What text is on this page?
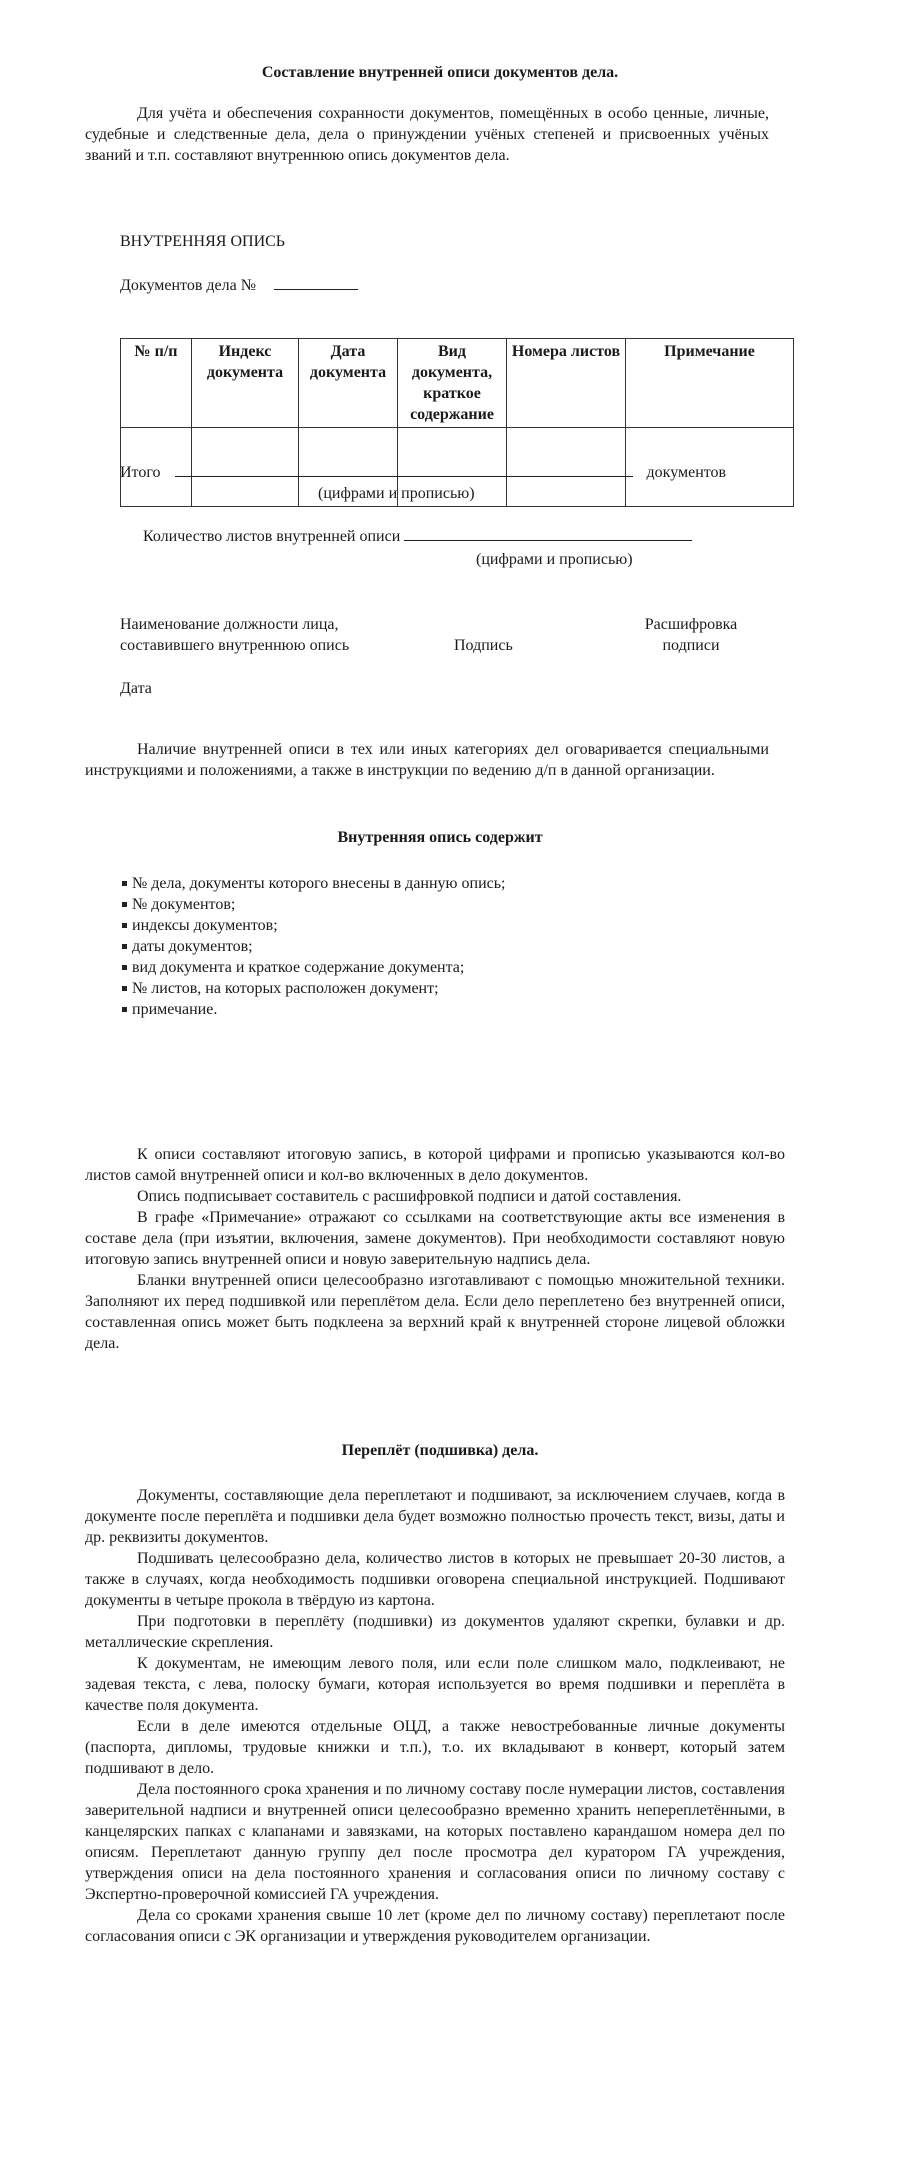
Составление внутренней описи документов дела.

Для учёта и обеспечения сохранности документов, помещённых в особо ценные, личные, судебные и следственные дела, дела о принуждении учёных степеней и присвоенных учёных званий и т.п. составляют внутреннюю опись документов дела.

ВНУТРЕННЯЯ ОПИСЬ
Документов дела №
№ п/п	Индекс документа	Дата документа	Вид документа, краткое содержание	Номера листов	Примечание

Итого	документов
(цифрами и прописью)
Количество листов внутренней описи
(цифрами и прописью)
Наименование должности лица,
составившего внутреннюю опись	Подпись
Расшифровка
подписи
Дата

Наличие внутренней описи в тех или иных категориях дел оговаривается специальными инструкциями и положениями, а также в инструкции по ведению д/п в данной организации.

Внутренняя опись содержит
№ дела, документы которого внесены в данную опись;
№ документов;
индексы документов;
даты документов;
вид документа и краткое содержание документа;
№ листов, на которых расположен документ;
примечание.

К описи составляют итоговую запись, в которой цифрами и прописью указываются кол-во листов самой внутренней описи и кол-во включенных в дело документов.

Опись подписывает составитель с расшифровкой подписи и датой составления.

В графе «Примечание» отражают со ссылками на соответствующие акты все изменения в составе дела (при изъятии, включения, замене документов). При необходимости составляют новую итоговую запись внутренней описи и новую заверительную надпись дела.

Бланки внутренней описи целесообразно изготавливают с помощью множительной техники. Заполняют их перед подшивкой или переплётом дела. Если дело переплетено без внутренней описи, составленная опись может быть подклеена за верхний край к внутренней стороне лицевой обложки дела.

Переплёт (подшивка) дела.

Документы, составляющие дела переплетают и подшивают, за исключением случаев, когда в документе после переплёта и подшивки дела будет возможно полностью прочесть текст, визы, даты и др. реквизиты документов.

Подшивать целесообразно дела, количество листов в которых не превышает 20-30 листов, а также в случаях, когда необходимость подшивки оговорена специальной инструкцией. Подшивают документы в четыре прокола в твёрдую из картона.

При подготовки в переплёту (подшивки) из документов удаляют скрепки, булавки и др. металлические скрепления.

К документам, не имеющим левого поля, или если поле слишком мало, подклеивают, не задевая текста, с лева, полоску бумаги, которая используется во время подшивки и переплёта в качестве поля документа.

Если в деле имеются отдельные ОЦД, а также невостребованные личные документы (паспорта, дипломы, трудовые книжки и т.п.), т.о. их вкладывают в конверт, который затем подшивают в дело.

Дела постоянного срока хранения и по личному составу после нумерации листов, составления заверительной надписи и внутренней описи целесообразно временно хранить непереплетёнными, в канцелярских папках с клапанами и завязками, на которых поставлено карандашом номера дел по описям. Переплетают данную группу дел после просмотра дел куратором ГА учреждения, утверждения описи на дела постоянного хранения и согласования описи по личному составу с Экспертно-проверочной комиссией ГА учреждения.

Дела со сроками хранения свыше 10 лет (кроме дел по личному составу) переплетают после согласования описи с ЭК организации и утверждения руководителем организации.
